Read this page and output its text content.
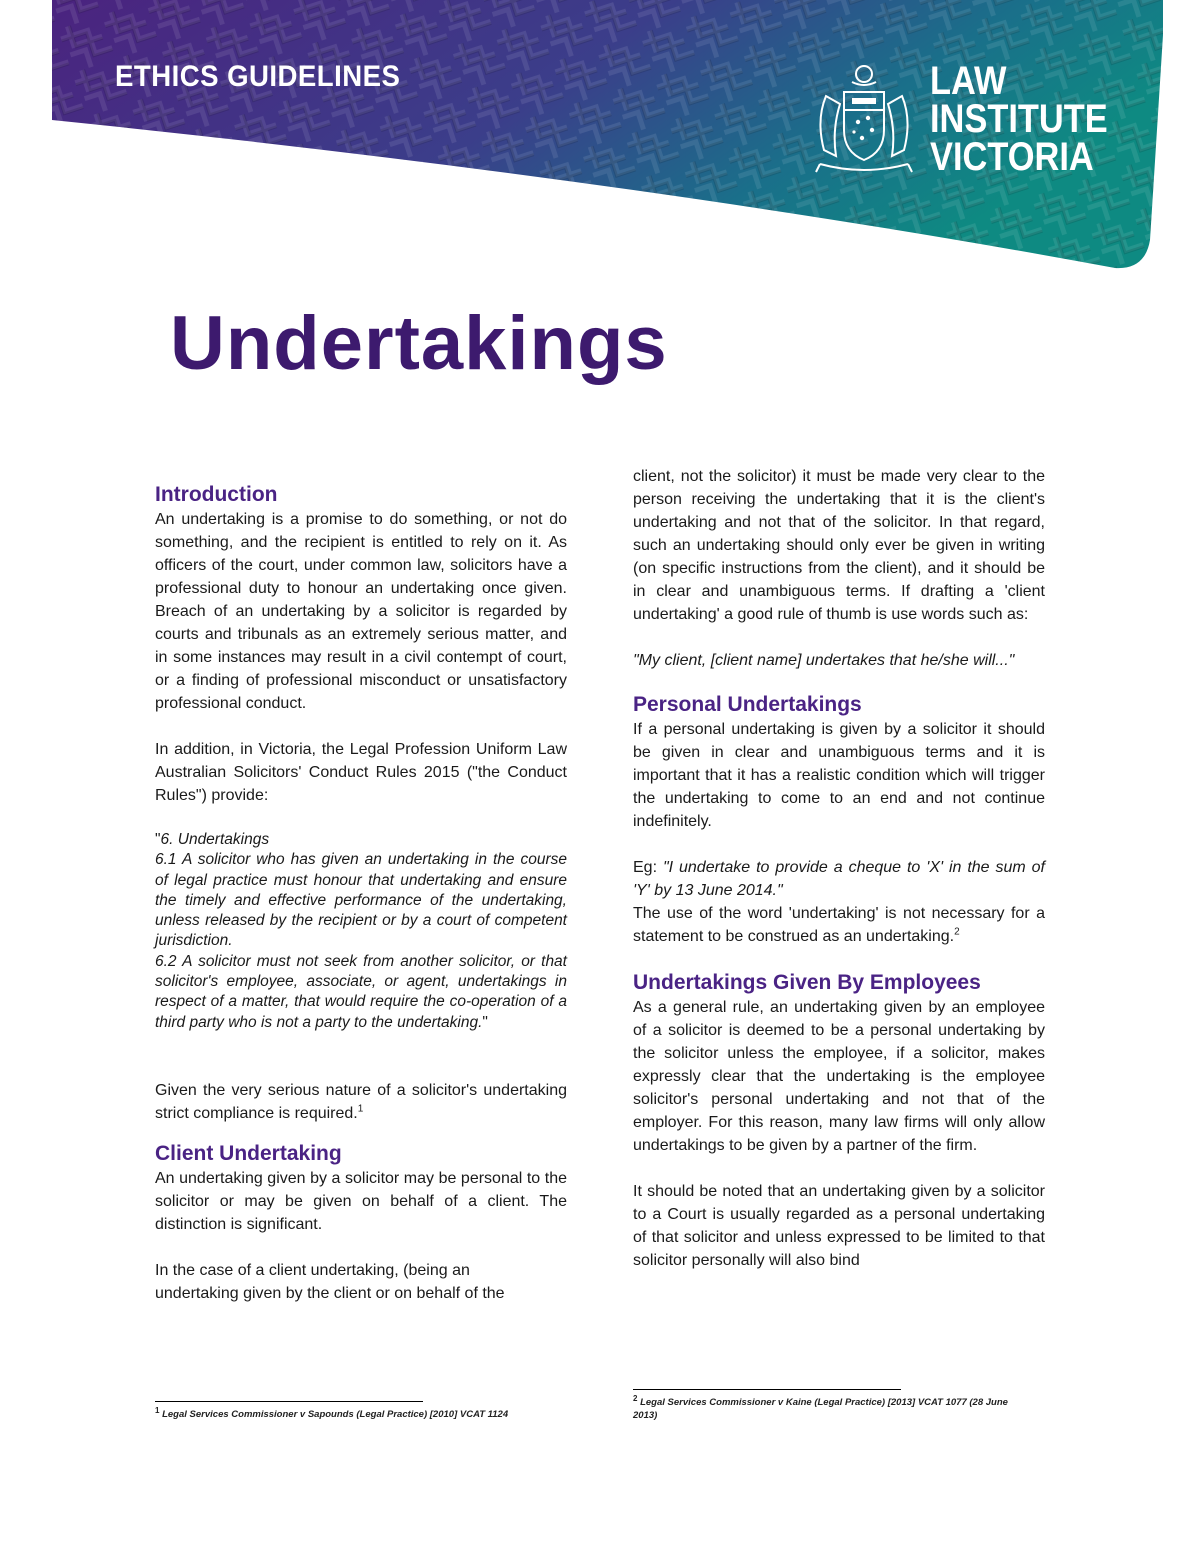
ETHICS GUIDELINES	LAW
INSTITUTE
VICTORIA
Undertakings
Introduction

An undertaking is a promise to do something, or not do something, and the recipient is entitled to rely on it. As officers of the court, under common law, solicitors have a professional duty to honour an undertaking once given. Breach of an undertaking by a solicitor is regarded by courts and tribunals as an extremely serious matter, and in some instances may result in a civil contempt of court, or a finding of professional misconduct or unsatisfactory professional conduct.

In addition, in Victoria, the Legal Profession Uniform Law Australian Solicitors' Conduct Rules 2015 ("the Conduct Rules") provide:

"6. Undertakings

6.1 A solicitor who has given an undertaking in the course of legal practice must honour that undertaking and ensure the timely and effective performance of the undertaking, unless released by the recipient or by a court of competent jurisdiction.

6.2 A solicitor must not seek from another solicitor, or that solicitor's employee, associate, or agent, undertakings in respect of a matter, that would require the co-operation of a third party who is not a party to the undertaking."

Given the very serious nature of a solicitor's undertaking strict compliance is required.$^1$

Client Undertaking

An undertaking given by a solicitor may be personal to the solicitor or may be given on behalf of a client. The distinction is significant.

In the case of a client undertaking, (being an undertaking given by the client or on behalf of the

$^1$ Legal Services Commissioner v Sapounds (Legal Practice) [2010] VCAT 1124

client, not the solicitor) it must be made very clear to the person receiving the undertaking that it is the client's undertaking and not that of the solicitor. In that regard, such an undertaking should only ever be given in writing (on specific instructions from the client), and it should be in clear and unambiguous terms. If drafting a 'client undertaking' a good rule of thumb is use words such as:

"My client, [client name] undertakes that he/she will..."

Personal Undertakings

If a personal undertaking is given by a solicitor it should be given in clear and unambiguous terms and it is important that it has a realistic condition which will trigger the undertaking to come to an end and not continue indefinitely.

Eg: "I undertake to provide a cheque to 'X' in the sum of 'Y' by 13 June 2014."

The use of the word 'undertaking' is not necessary for a statement to be construed as an undertaking.$^2$

Undertakings Given By Employees

As a general rule, an undertaking given by an employee of a solicitor is deemed to be a personal undertaking by the solicitor unless the employee, if a solicitor, makes expressly clear that the undertaking is the employee solicitor's personal undertaking and not that of the employer. For this reason, many law firms will only allow undertakings to be given by a partner of the firm.

It should be noted that an undertaking given by a solicitor to a Court is usually regarded as a personal undertaking of that solicitor and unless expressed to be limited to that solicitor personally will also bind

$^2$ Legal Services Commissioner v Kaine (Legal Practice) [2013] VCAT 1077 (28 June 2013)
